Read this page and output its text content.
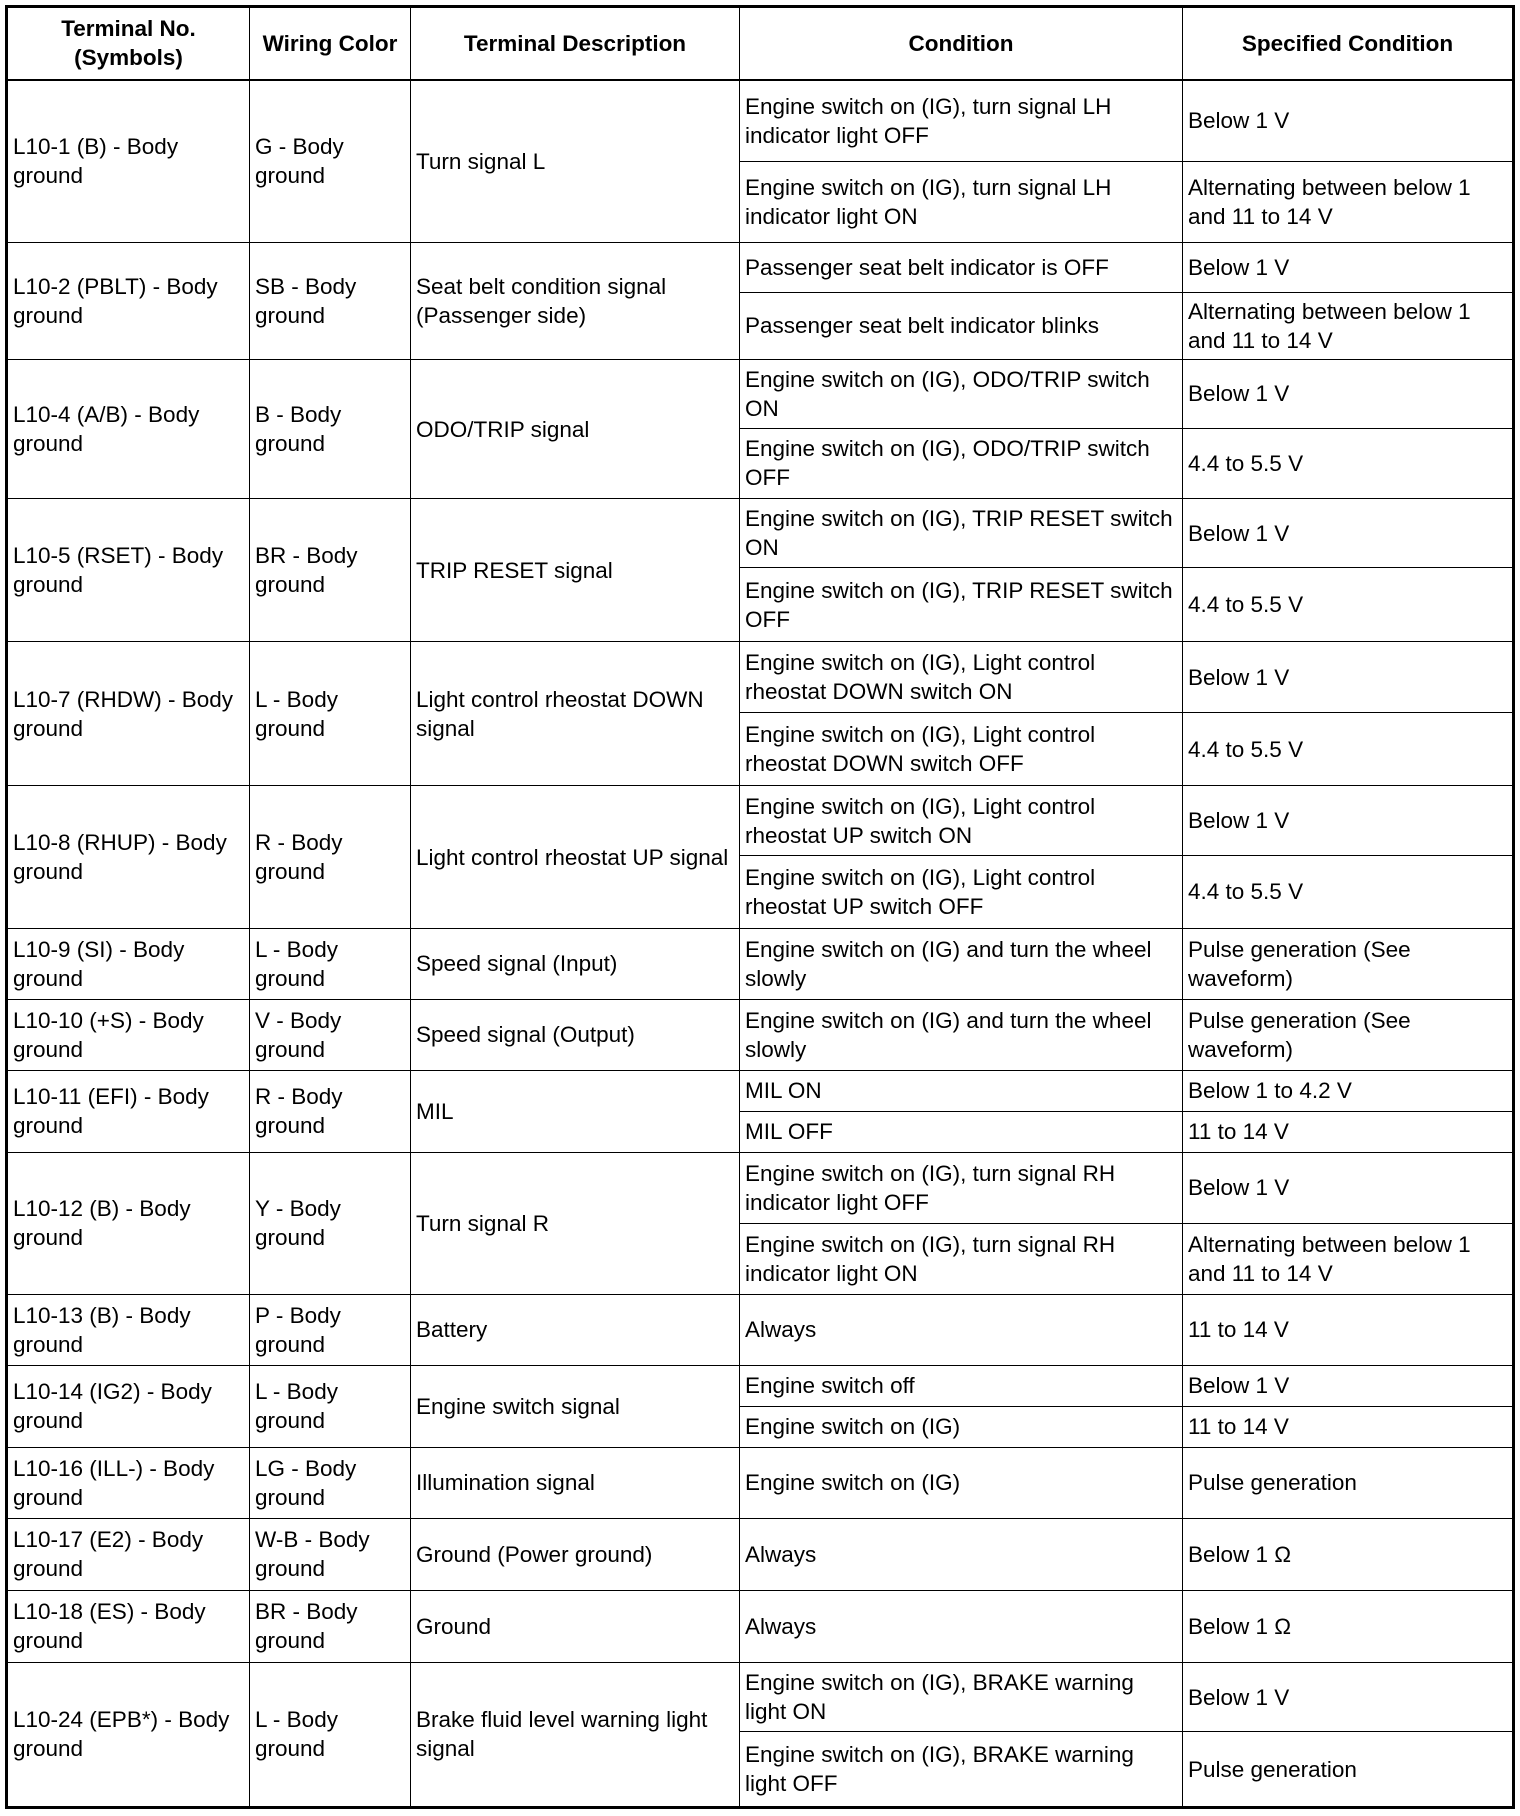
Terminal No. (Symbols)	Wiring Color	Terminal Description	Condition	Specified Condition
L10-1 (B) - Body ground	G - Body ground	Turn signal L	Engine switch on (IG), turn signal LH indicator light OFF	Below 1 V
			Engine switch on (IG), turn signal LH indicator light ON	Alternating between below 1 and 11 to 14 V
L10-2 (PBLT) - Body ground	SB - Body ground	Seat belt condition signal (Passenger side)	Passenger seat belt indicator is OFF	Below 1 V
			Passenger seat belt indicator blinks	Alternating between below 1 and 11 to 14 V
L10-4 (A/B) - Body ground	B - Body ground	ODO/TRIP signal	Engine switch on (IG), ODO/TRIP switch ON	Below 1 V
			Engine switch on (IG), ODO/TRIP switch OFF	4.4 to 5.5 V
L10-5 (RSET) - Body ground	BR - Body ground	TRIP RESET signal	Engine switch on (IG), TRIP RESET switch ON	Below 1 V
			Engine switch on (IG), TRIP RESET switch OFF	4.4 to 5.5 V
L10-7 (RHDW) - Body ground	L - Body ground	Light control rheostat DOWN signal	Engine switch on (IG), Light control rheostat DOWN switch ON	Below 1 V
			Engine switch on (IG), Light control rheostat DOWN switch OFF	4.4 to 5.5 V
L10-8 (RHUP) - Body ground	R - Body ground	Light control rheostat UP signal	Engine switch on (IG), Light control rheostat UP switch ON	Below 1 V
			Engine switch on (IG), Light control rheostat UP switch OFF	4.4 to 5.5 V
L10-9 (SI) - Body ground	L - Body ground	Speed signal (Input)	Engine switch on (IG) and turn the wheel slowly	Pulse generation (See waveform)
L10-10 (+S) - Body ground	V - Body ground	Speed signal (Output)	Engine switch on (IG) and turn the wheel slowly	Pulse generation (See waveform)
L10-11 (EFI) - Body ground	R - Body ground	MIL	MIL ON	Below 1 to 4.2 V
			MIL OFF	11 to 14 V
L10-12 (B) - Body ground	Y - Body ground	Turn signal R	Engine switch on (IG), turn signal RH indicator light OFF	Below 1 V
			Engine switch on (IG), turn signal RH indicator light ON	Alternating between below 1 and 11 to 14 V
L10-13 (B) - Body ground	P - Body ground	Battery	Always	11 to 14 V
L10-14 (IG2) - Body ground	L - Body ground	Engine switch signal	Engine switch off	Below 1 V
			Engine switch on (IG)	11 to 14 V
L10-16 (ILL-) - Body ground	LG - Body ground	Illumination signal	Engine switch on (IG)	Pulse generation
L10-17 (E2) - Body ground	W-B - Body ground	Ground (Power ground)	Always	Below 1 Ω
L10-18 (ES) - Body ground	BR - Body ground	Ground	Always	Below 1 Ω
L10-24 (EPB*) - Body ground	L - Body ground	Brake fluid level warning light signal	Engine switch on (IG), BRAKE warning light ON	Below 1 V
			Engine switch on (IG), BRAKE warning light OFF	Pulse generation
